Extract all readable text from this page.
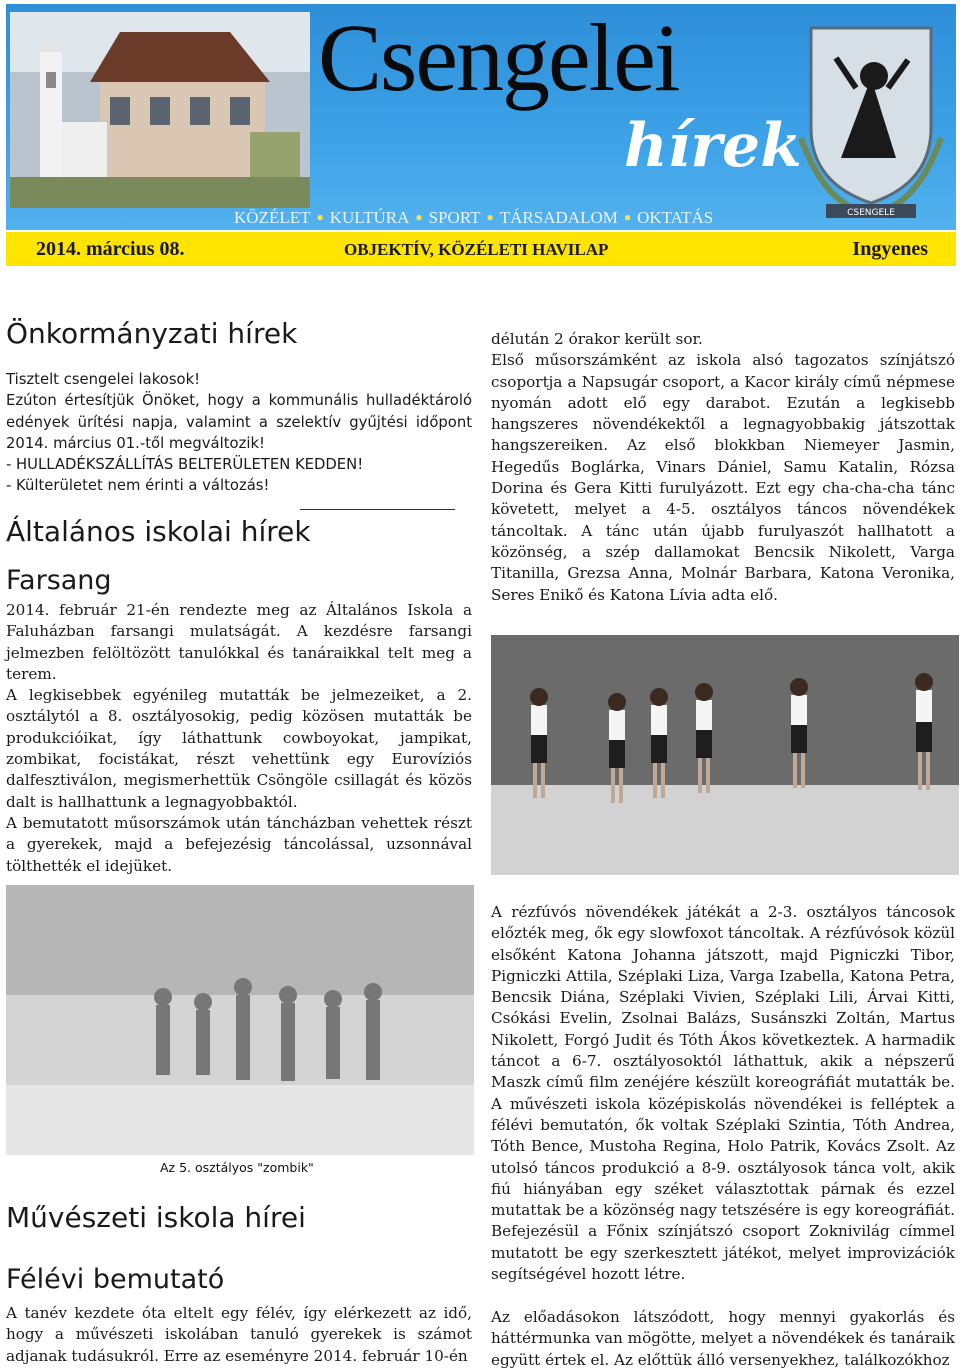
Csengelei
hírek
CSENGELE
KÖZÉLET ● KULTÚRA ● SPORT ● TÁRSADALOM ● OKTATÁS
2014. március 08.	OBJEKTÍV, KÖZÉLETI HAVILAP	Ingyenes
Önkormányzati hírek

Tisztelt csengelei lakosok!

Ezúton értesítjük Önöket, hogy a kommunális hulladéktároló edények ürítési napja, valamint a szelektív gyűjtési időpont 2014. március 01.-től megváltozik!

- HULLADÉKSZÁLLÍTÁS BELTERÜLETEN KEDDEN!

- Külterületet nem érinti a változás!

Általános iskolai hírek
Farsang

2014. február 21-én rendezte meg az Általános Iskola a Faluházban farsangi mulatságát. A kezdésre farsangi jelmezben felöltözött tanulókkal és tanáraikkal telt meg a terem.

A legkisebbek egyénileg mutatták be jelmezeiket, a 2. osztálytól a 8. osztályosokig, pedig közösen mutatták be produkcióikat, így láthattunk cowboyokat, jampikat, zombikat, focistákat, részt vehettünk egy Eurovíziós dalfesztiválon, megismerhettük Csöngöle csillagát és közös dalt is hallhattunk a legnagyobbaktól.

A bemutatott műsorszámok után táncházban vehettek részt a gyerekek, majd a befejezésig táncolással, uzsonnával tölthették el idejüket.

Az 5. osztályos "zombik"
Művészeti iskola hírei
Félévi bemutató

A tanév kezdete óta eltelt egy félév, így elérkezett az idő, hogy a művészeti iskolában tanuló gyerekek is számot adjanak tudásukról. Erre az eseményre 2014. február 10-én

délután 2 órakor került sor.

Első műsorszámként az iskola alsó tagozatos színjátszó csoportja a Napsugár csoport, a Kacor király című népmese nyomán adott elő egy darabot. Ezután a legkisebb hangszeres növendékektől a legnagyobbakig játszottak hangszereiken. Az első blokkban Niemeyer Jasmin, Hegedűs Boglárka, Vinars Dániel, Samu Katalin, Rózsa Dorina és Gera Kitti furulyázott. Ezt egy cha-cha-cha tánc követett, melyet a 4-5. osztályos táncos növendékek táncoltak. A tánc után újabb furulyaszót hallhatott a közönség, a szép dallamokat Bencsik Nikolett, Varga Titanilla, Grezsa Anna, Molnár Barbara, Katona Veronika, Seres Enikő és Katona Lívia adta elő.

A rézfúvós növendékek játékát a 2-3. osztályos táncosok előzték meg, ők egy slowfoxot táncoltak. A rézfúvósok közül elsőként Katona Johanna játszott, majd Pigniczki Tibor, Pigniczki Attila, Széplaki Liza, Varga Izabella, Katona Petra, Bencsik Diána, Széplaki Vivien, Széplaki Lili, Árvai Kitti, Csókási Evelin, Zsolnai Balázs, Susánszki Zoltán, Martus Nikolett, Forgó Judit és Tóth Ákos következtek. A harmadik táncot a 6-7. osztályosoktól láthattuk, akik a népszerű Maszk című film zenéjére készült koreográfiát mutatták be. A művészeti iskola középiskolás növendékei is felléptek a félévi bemutatón, ők voltak Széplaki Szintia, Tóth Andrea, Tóth Bence, Mustoha Regina, Holo Patrik, Kovács Zsolt. Az utolsó táncos produkció a 8-9. osztályosok tánca volt, akik fiú hiányában egy széket választottak párnak és ezzel mutattak be a közönség nagy tetszésére is egy koreográfiát. Befejezésül a Főnix színjátszó csoport Zoknivilág címmel mutatott be egy szerkesztett játékot, melyet improvizációk segítségével hozott létre.

Az előadásokon látszódott, hogy mennyi gyakorlás és háttérmunka van mögötte, melyet a növendékek és tanáraik együtt értek el. Az előttük álló versenyekhez, találkozókhoz
